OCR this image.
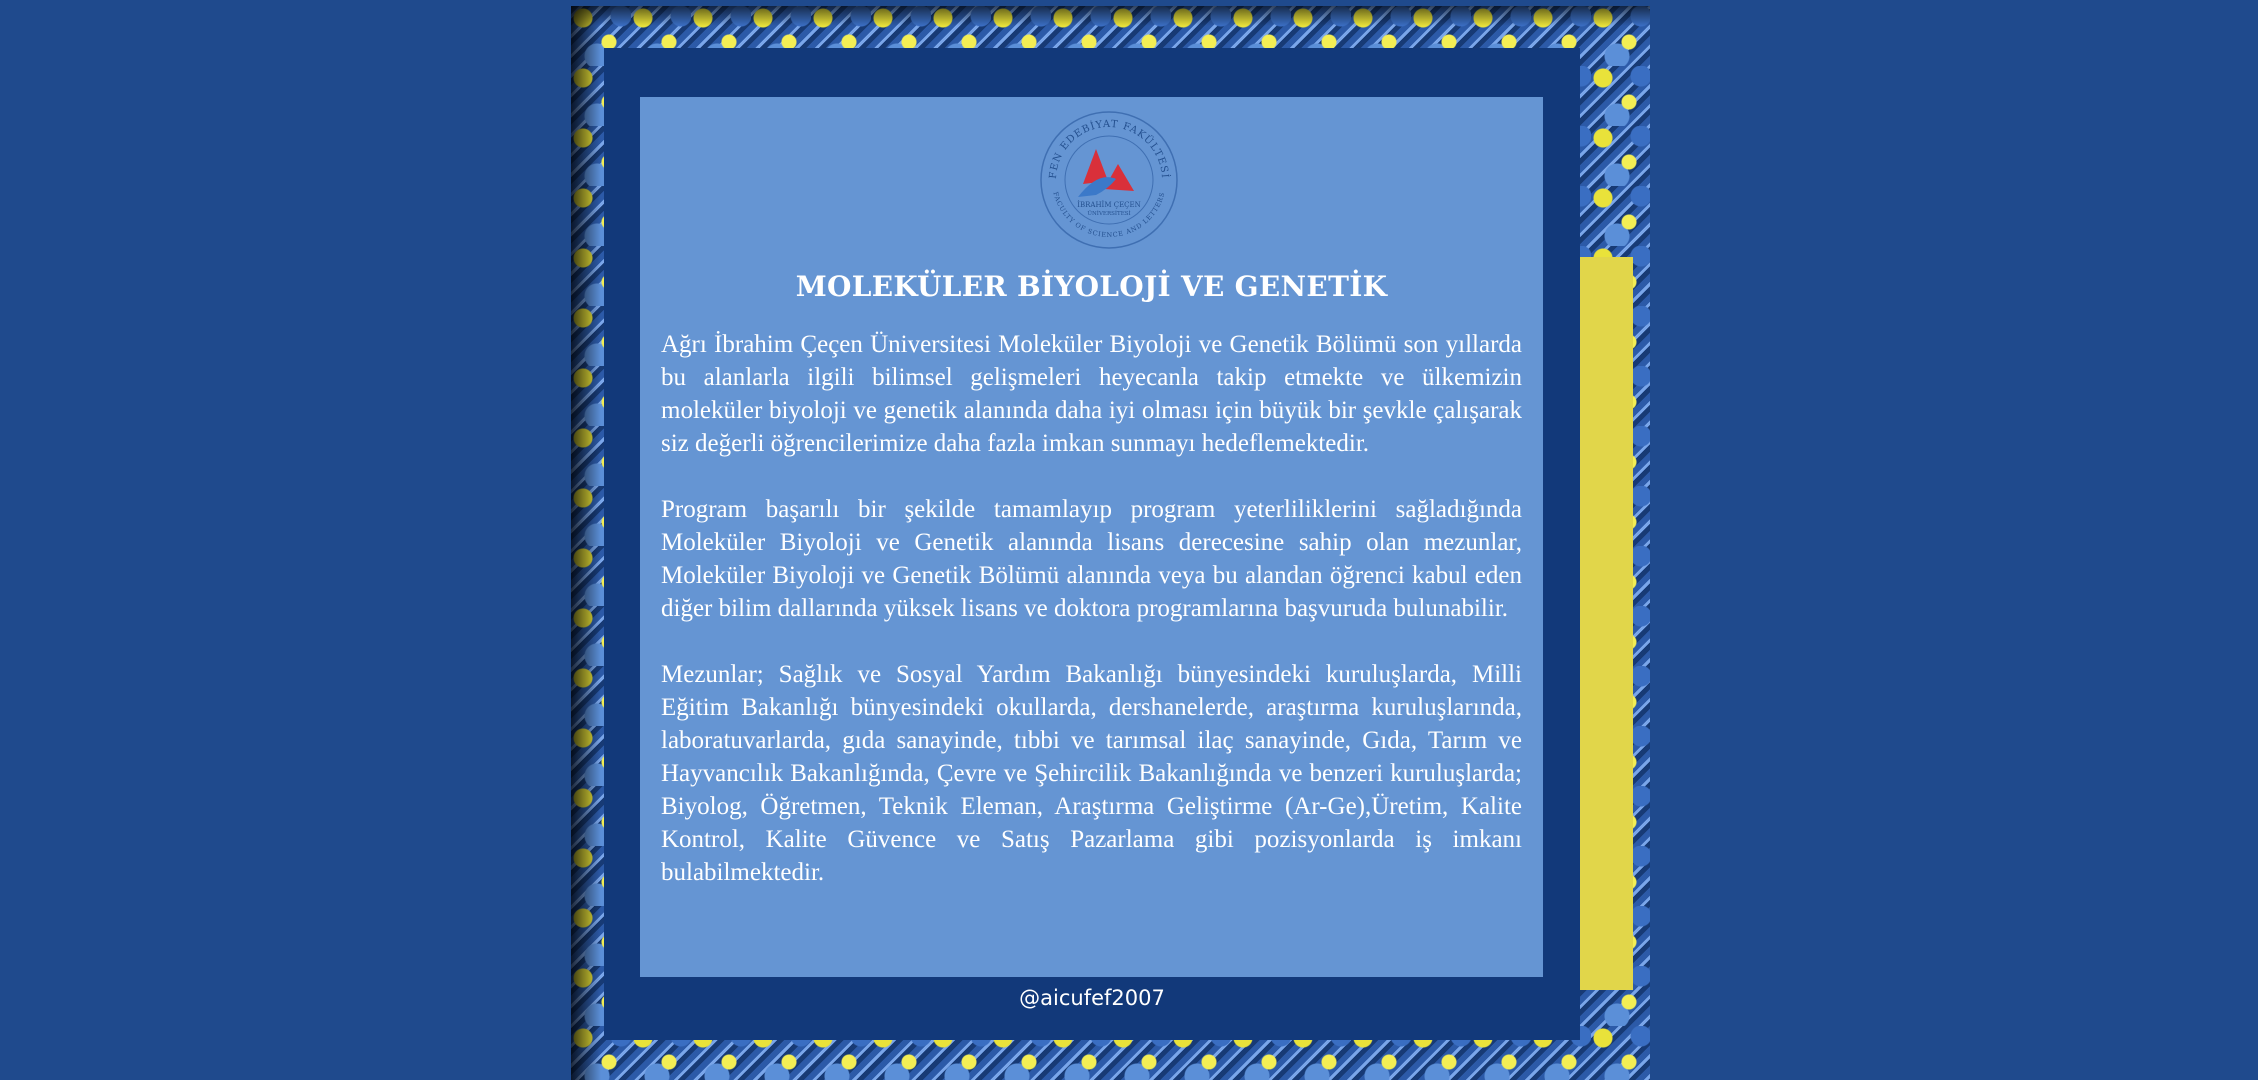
FEN EDEBİYAT FAKÜLTESİ
FACULTY OF SCIENCE AND LETTERS
İBRAHİM ÇEÇEN
ÜNİVERSİTESİ
MOLEKÜLER BİYOLOJİ VE GENETİK

Ağrı İbrahim Çeçen Üniversitesi Moleküler Biyoloji ve Genetik Bölümü son yıllarda bu alanlarla ilgili bilimsel gelişmeleri heyecanla takip etmekte ve ülkemizin moleküler biyoloji ve genetik alanında daha iyi olması için büyük bir şevkle çalışarak siz değerli öğrencilerimize daha fazla imkan sunmayı hedeflemektedir.

Program başarılı bir şekilde tamamlayıp program yeterliliklerini sağladığında Moleküler Biyoloji ve Genetik alanında lisans derecesine sahip olan mezunlar, Moleküler Biyoloji ve Genetik Bölümü alanında veya bu alandan öğrenci kabul eden diğer bilim dallarında yüksek lisans ve doktora programlarına başvuruda bulunabilir.

Mezunlar; Sağlık ve Sosyal Yardım Bakanlığı bünyesindeki kuruluşlarda, Milli Eğitim Bakanlığı bünyesindeki okullarda, dershanelerde, araştırma kuruluşlarında, laboratuvarlarda, gıda sanayinde, tıbbi ve tarımsal ilaç sanayinde, Gıda, Tarım ve Hayvancılık Bakanlığında, Çevre ve Şehircilik Bakanlığında ve benzeri kuruluşlarda; Biyolog, Öğretmen, Teknik Eleman, Araştırma Geliştirme (Ar-Ge),Üretim, Kalite Kontrol, Kalite Güvence ve Satış Pazarlama gibi pozisyonlarda iş imkanı bulabilmektedir.

@aicufef2007
